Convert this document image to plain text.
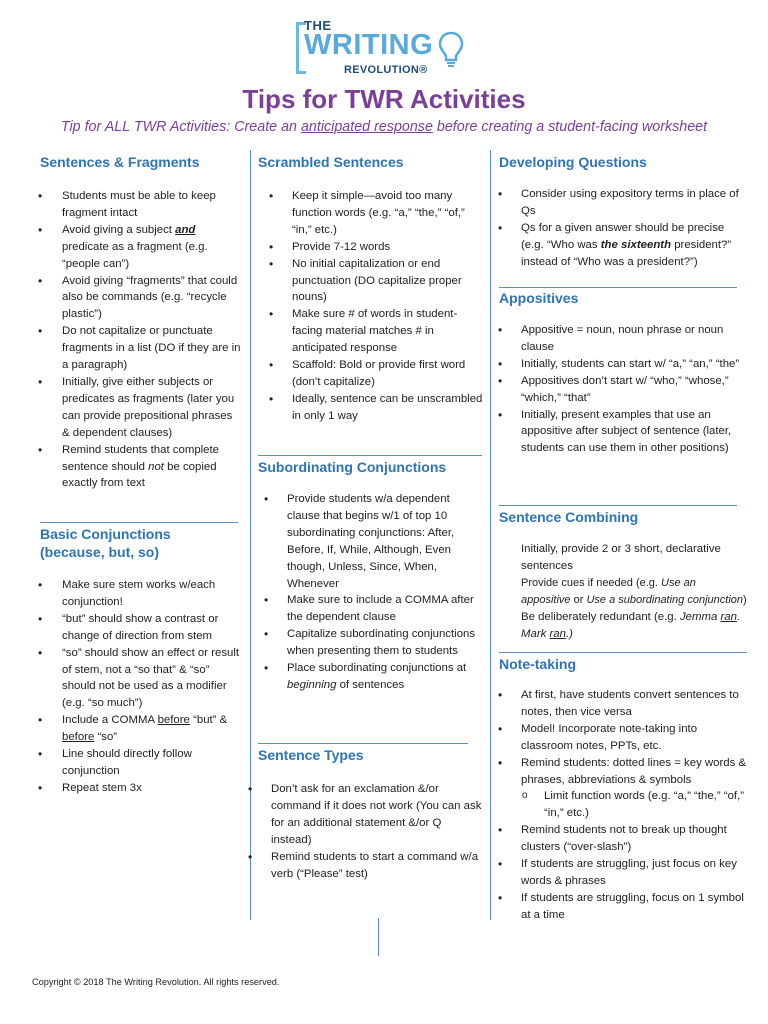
THE
WRITING
REVOLUTION®
Tips for TWR Activities
Tip for ALL TWR Activities: Create an anticipated response before creating a student-facing worksheet
Sentences & Fragments
• Students must be able to keep fragment intact
• Avoid giving a subject and predicate as a fragment (e.g. “people can”)
• Avoid giving “fragments” that could also be commands (e.g. “recycle plastic”)
• Do not capitalize or punctuate fragments in a list (DO if they are in a paragraph)
• Initially, give either subjects or predicates as fragments (later you can provide prepositional phrases & dependent clauses)
• Remind students that complete sentence should not be copied exactly from text
Basic Conjunctions
(because, but, so)
• Make sure stem works w/each conjunction!
• “but” should show a contrast or change of direction from stem
• “so” should show an effect or result of stem, not a “so that” & “so” should not be used as a modifier (e.g. “so much”)
• Include a COMMA before “but” & before “so”
• Line should directly follow conjunction
• Repeat stem 3x
Scrambled Sentences
• Keep it simple—avoid too many function words (e.g. “a,” “the,” “of,” “in,” etc.)
• Provide 7-12 words
• No initial capitalization or end punctuation (DO capitalize proper nouns)
• Make sure # of words in student-facing material matches # in anticipated response
• Scaffold: Bold or provide first word (don’t capitalize)
• Ideally, sentence can be unscrambled in only 1 way
Subordinating Conjunctions
• Provide students w/a dependent clause that begins w/1 of top 10 subordinating conjunctions: After, Before, If, While, Although, Even though, Unless, Since, When, Whenever
• Make sure to include a COMMA after the dependent clause
• Capitalize subordinating conjunctions when presenting them to students
• Place subordinating conjunctions at beginning of sentences
Sentence Types
• Don’t ask for an exclamation &/or command if it does not work (You can ask for an additional statement &/or Q instead)
• Remind students to start a command w/a verb (“Please” test)
Developing Questions
• Consider using expository terms in place of Qs
• Qs for a given answer should be precise (e.g. “Who was the sixteenth president?” instead of “Who was a president?”)
Appositives
• Appositive = noun, noun phrase or noun clause
• Initially, students can start w/ “a,” “an,” “the”
• Appositives don’t start w/ “who,” “whose,” “which,” “that”
• Initially, present examples that use an appositive after subject of sentence (later, students can use them in other positions)
Sentence Combining
• Initially, provide 2 or 3 short, declarative sentences
• Provide cues if needed (e.g. Use an
appositive or Use a subordinating conjunction)
• Be deliberately redundant (e.g. Jemma ran. Mark ran.)
Note-taking
• At first, have students convert sentences to notes, then vice versa
• Model! Incorporate note-taking into classroom notes, PPTs, etc.
• Remind students: dotted lines = key words & phrases, abbreviations & symbols
o Limit function words (e.g. “a,” “the,” “of,” “in,” etc.)
• Remind students not to break up thought clusters (“over-slash”)
• If students are struggling, just focus on key words & phrases
• If students are struggling, focus on 1 symbol at a time
Copyright © 2018 The Writing Revolution. All rights reserved.
